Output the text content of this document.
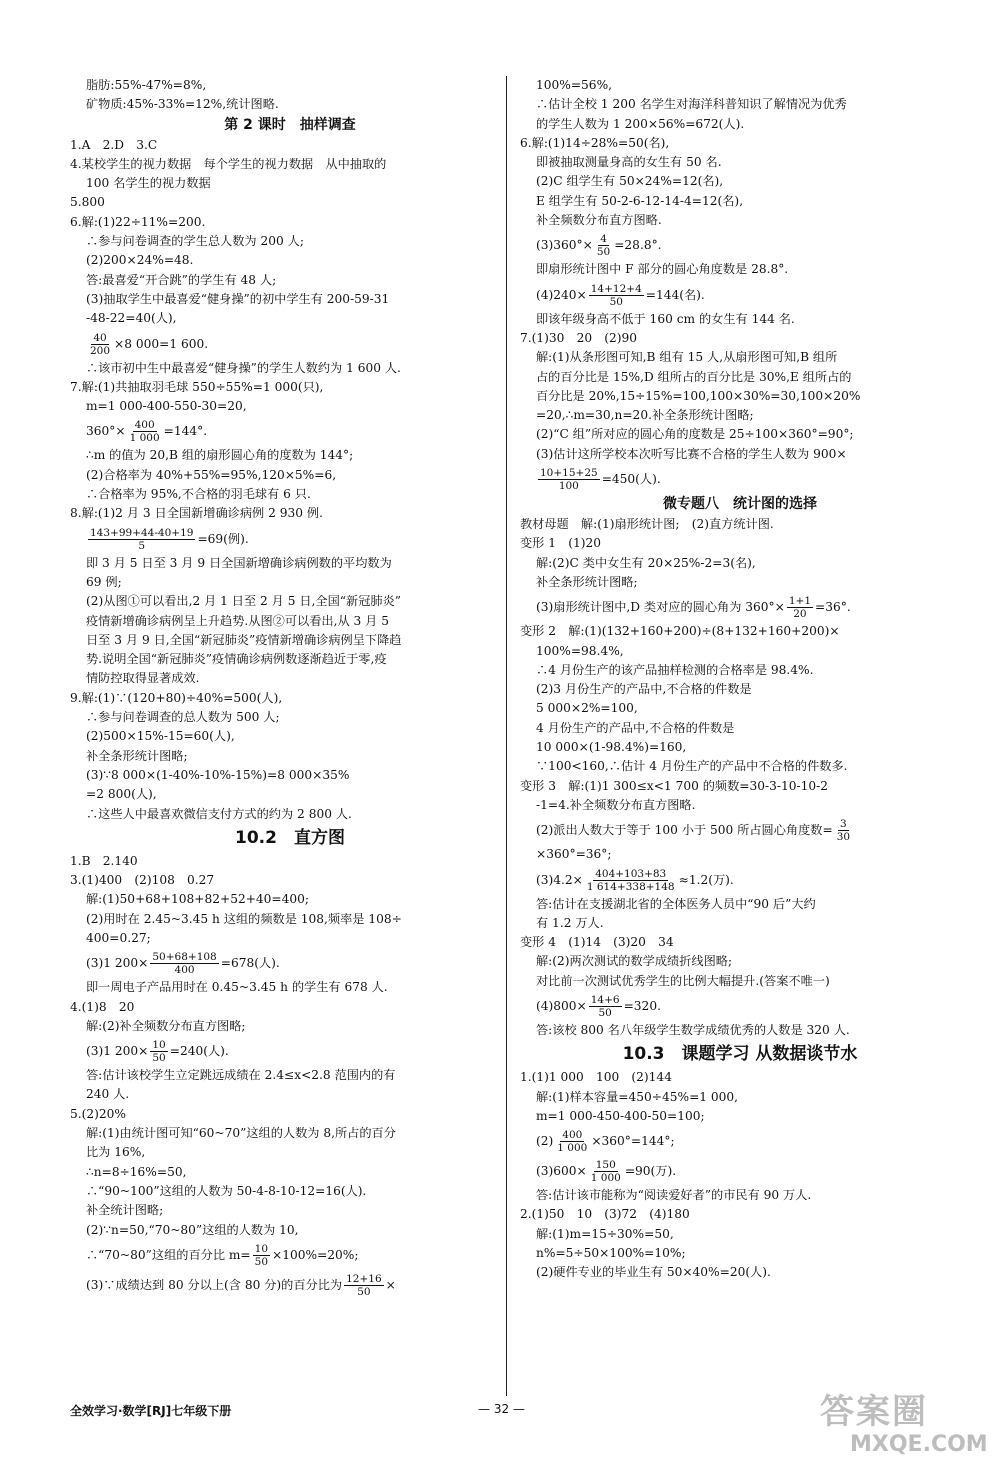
脂肪:55%-47%=8%,
矿物质:45%-33%=12%,统计图略.
第 2 课时　抽样调查
1.A　2.D　3.C
4.某校学生的视力数据　每个学生的视力数据　从中抽取的
100 名学生的视力数据
5.800
6.解:(1)22÷11%=200.
∴参与问卷调查的学生总人数为 200 人;
(2)200×24%=48.
答:最喜爱“开合跳”的学生有 48 人;
(3)抽取学生中最喜爱“健身操”的初中学生有 200-59-31
-48-22=40(人),
$\frac{40}{200} \times 8$ 000=1 600.
∴该市初中生中最喜爱“健身操”的学生人数约为 1 600 人.
7.解:(1)共抽取羽毛球 550÷55%=1 000(只),
m=1 000-400-550-30=20,
$360^\circ\times \frac{400}{1 000} =144^\circ$.
∴m 的值为 20,B 组的扇形圆心角的度数为 144°;
(2)合格率为 40%+55%=95%,120×5%=6,
∴合格率为 95%,不合格的羽毛球有 6 只.
8.解:(1)2 月 3 日全国新增确诊病例 2 930 例.
$\frac{143+99+44-40+19}{5} =69$(例).
即 3 月 5 日至 3 月 9 日全国新增确诊病例数的平均数为
69 例;
(2)从图①可以看出,2 月 1 日至 2 月 5 日,全国“新冠肺炎”
疫情新增确诊病例呈上升趋势.从图②可以看出,从 3 月 5
日至 3 月 9 日,全国“新冠肺炎”疫情新增确诊病例呈下降趋
势.说明全国“新冠肺炎”疫情确诊病例数逐渐趋近于零,疫
情防控取得显著成效.
9.解:(1)∵(120+80)÷40%=500(人),
∴参与问卷调查的总人数为 500 人;
(2)500×15%-15=60(人),
补全条形统计图略;
(3)∵8 000×(1-40%-10%-15%)=8 000×35%
=2 800(人),
∴这些人中最喜欢微信支付方式的约为 2 800 人.
10.2　直方图
1.B　2.140
3.(1)400　(2)108　0.27
解:(1)50+68+108+82+52+40=400;
(2)用时在 2.45~3.45 h 这组的频数是 108,频率是 108÷
400=0.27;
(3)1 $200\times \frac{50+68+108}{400} =678$(人).
即一周电子产品用时在 0.45~3.45 h 的学生有 678 人.
4.(1)8　20
解:(2)补全频数分布直方图略;
(3)1 $200\times \frac{10}{50} =240$(人).
答:估计该校学生立定跳远成绩在 2.4≤x<2.8 范围内的有
240 人.
5.(2)20%
解:(1)由统计图可知“60~70”这组的人数为 8,所占的百分
比为 16%,
∴n=8÷16%=50,
∴“90~100”这组的人数为 50-4-8-10-12=16(人).
补全统计图略;
(2)∵n=50,“70~80”这组的人数为 10,
∴“70~80”这组的百分比 $m= \frac{10}{50} \times 100\%=20\%$;
(3)∵成绩达到 80 分以上(含 80 分)的百分比为 $\frac{12+16}{50}$ ×
100%=56%,
∴估计全校 1 200 名学生对海洋科普知识了解情况为优秀
的学生人数为 1 200×56%=672(人).
6.解:(1)14÷28%=50(名),
即被抽取测量身高的女生有 50 名.
(2)C 组学生有 50×24%=12(名),
E 组学生有 50-2-6-12-14-4=12(名),
补全频数分布直方图略.
$(3)360^\circ\times \frac{4}{50} =28.8^\circ$.
即扇形统计图中 F 部分的圆心角度数是 28.8°.
$(4)240\times \frac{14+12+4}{50} =144$(名).
即该年级身高不低于 160 cm 的女生有 144 名.
7.(1)30　20　(2)90
解:(1)从条形图可知,B 组有 15 人,从扇形图可知,B 组所
占的百分比是 15%,D 组所占的百分比是 30%,E 组所占的
百分比是 20%,15÷15%=100,100×30%=30,100×20%
=20,∴m=30,n=20.补全条形统计图略;
(2)“C 组”所对应的圆心角的度数是 25÷100×360°=90°;
(3)估计这所学校本次听写比赛不合格的学生人数为 900×
$\frac{10+15+25}{100} =450$(人).
微专题八　统计图的选择
教材母题　解:(1)扇形统计图;　(2)直方统计图.
变形 1　(1)20
解:(2)C 类中女生有 20×25%-2=3(名),
补全条形统计图略;
(3)扇形统计图中,D 类对应的圆心角为 $360^\circ\times \frac{1+1}{20} =36^\circ$.
变形 2　解:(1)(132+160+200)÷(8+132+160+200)×
100%=98.4%,
∴4 月份生产的该产品抽样检测的合格率是 98.4%.
(2)3 月份生产的产品中,不合格的件数是
5 000×2%=100,
4 月份生产的产品中,不合格的件数是
10 000×(1-98.4%)=160,
∵100<160,∴估计 4 月份生产的产品中不合格的件数多.
变形 3　解:(1)1 300≤x<1 700 的频数=30-3-10-10-2
-1=4.补全频数分布直方图略.
(2)派出人数大于等于 100 小于 500 所占圆心角度数= $\frac{3}{30}$
×360°=36°;
$(3)4.2\times \frac{404+103+83}{1 614+338+148} \approx 1.2$(万).
答:估计在支援湖北省的全体医务人员中“90 后”大约
有 1.2 万人.
变形 4　(1)14　(3)20　34
解:(2)两次测试的数学成绩折线图略;
对比前一次测试优秀学生的比例大幅提升.(答案不唯一)
$(4)800\times \frac{14+6}{50} =320$.
答:该校 800 名八年级学生数学成绩优秀的人数是 320 人.
10.3　课题学习 从数据谈节水
1.(1)1 000　100　(2)144
解:(1)样本容量=450÷45%=1 000,
m=1 000-450-400-50=100;
$(2) \frac{400}{1 000} \times 360^\circ=144^\circ$;
$(3)600\times \frac{150}{1 000} =90$(万).
答:估计该市能称为“阅读爱好者”的市民有 90 万人.
2.(1)50　10　(3)72　(4)180
解:(1)m=15÷30%=50,
n%=5÷50×100%=10%;
(2)硬件专业的毕业生有 50×40%=20(人).
全效学习·数学[RJ]七年级下册	— 32 —	答案圈
MXQE.COM
